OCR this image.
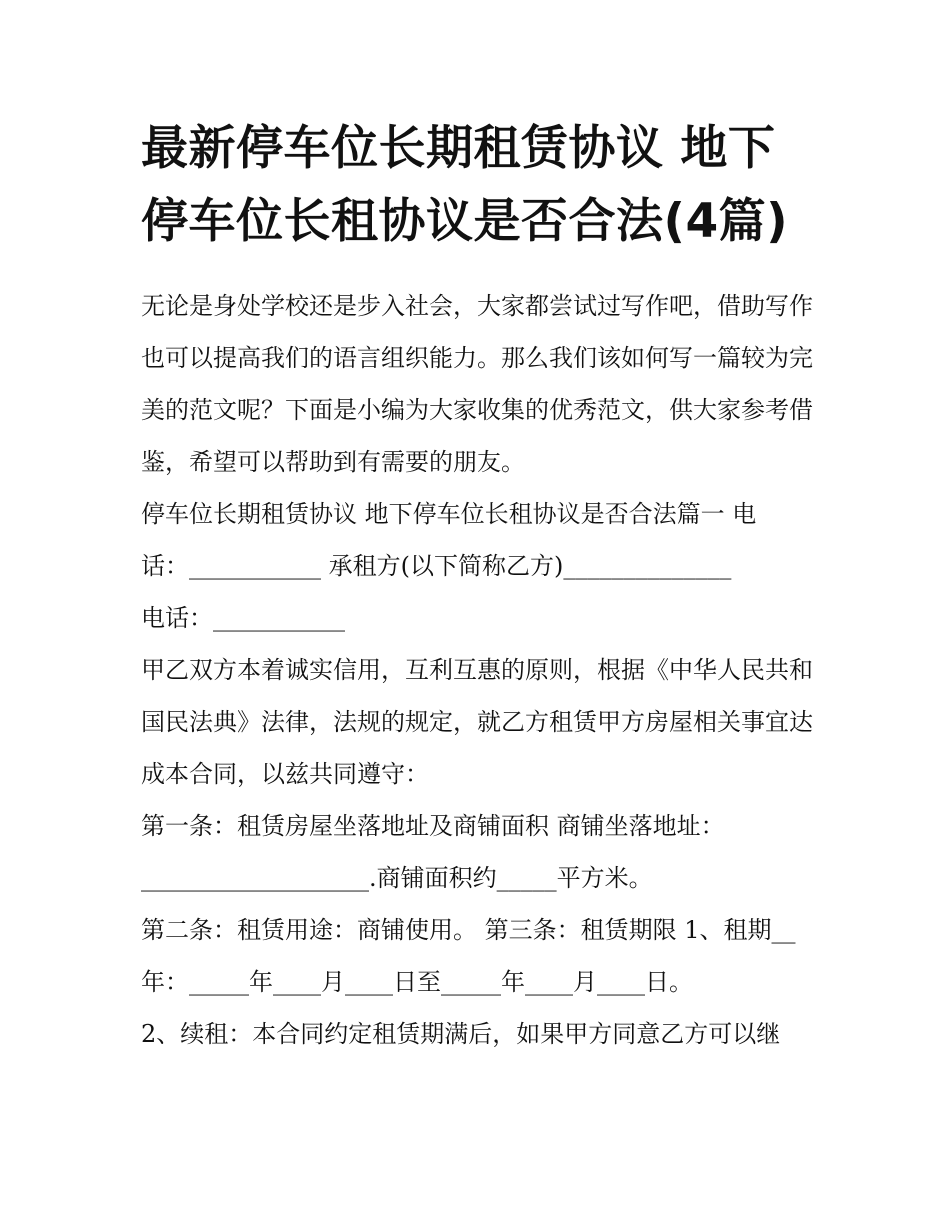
最新停车位长期租赁协议 地下停车位长租协议是否合法(4篇)

无论是身处学校还是步入社会，大家都尝试过写作吧，借助写作也可以提高我们的语言组织能力。那么我们该如何写一篇较为完美的范文呢？下面是小编为大家收集的优秀范文，供大家参考借鉴，希望可以帮助到有需要的朋友。

停车位长期租赁协议 地下停车位长租协议是否合法篇一 电

话：___________ 承租方(以下简称乙方)______________

电话：___________

甲乙双方本着诚实信用，互利互惠的原则，根据《中华人民共和国民法典》法律，法规的规定，就乙方租赁甲方房屋相关事宜达成本合同，以兹共同遵守：

第一条：租赁房屋坐落地址及商铺面积 商铺坐落地址：

___________________.商铺面积约_____平方米。

第二条：租赁用途：商铺使用。 第三条：租赁期限 1、租期__

年：_____年____月____日至_____年____月____日。

2、续租：本合同约定租赁期满后，如果甲方同意乙方可以继
